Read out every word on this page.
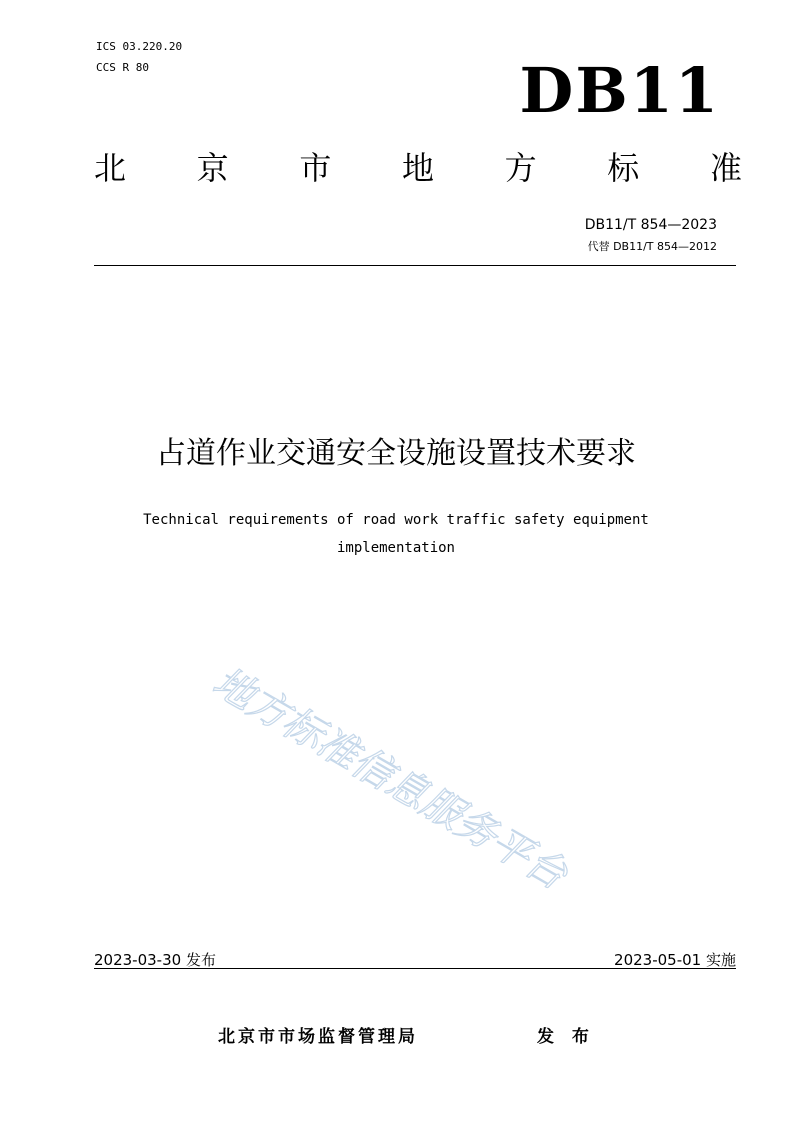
ICS 03.220.20
CCS R 80	DB11
北 京 市 地 方 标 准
DB11/T 854—2023
代替 DB11/T 854—2012
占道作业交通安全设施设置技术要求
Technical requirements of road work traffic safety equipment implementation
地方标准信息服务平台
2023-03-30 发布	2023-05-01 实施
北京市市场监督管理局	发 布
